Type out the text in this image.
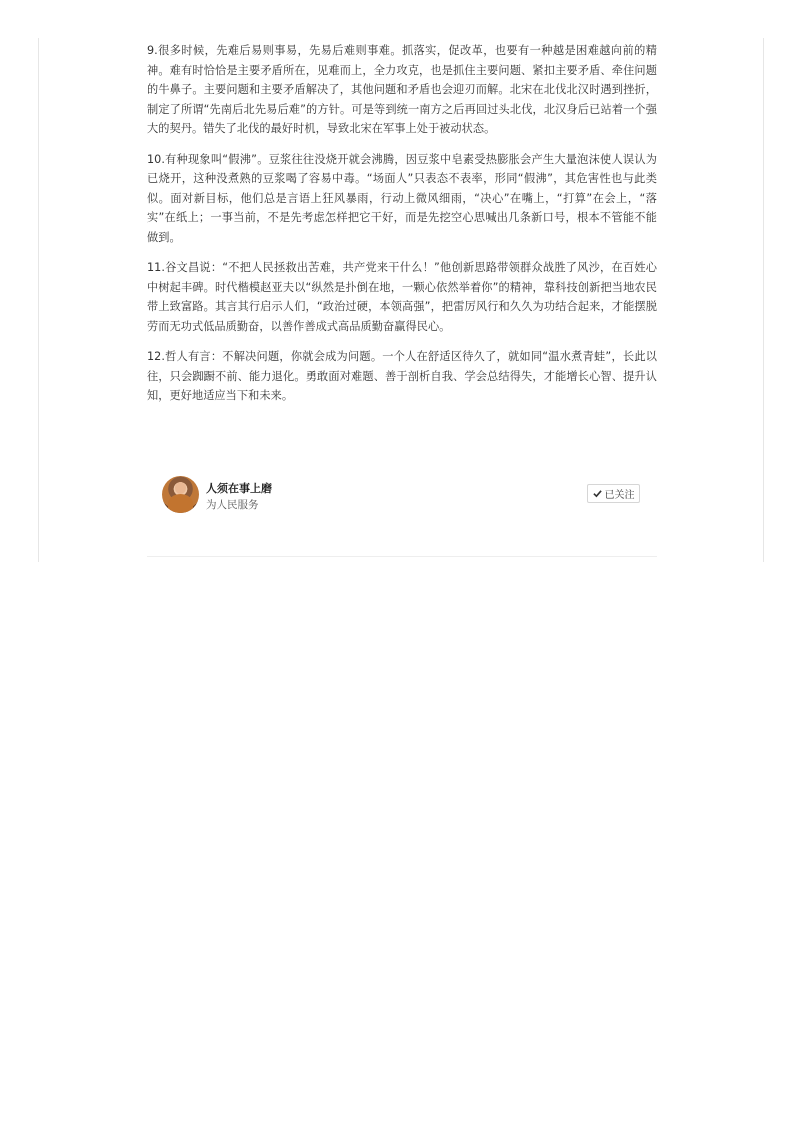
9.很多时候，先难后易则事易，先易后难则事难。抓落实，促改革，也要有一种越是困难越向前的精神。难有时恰恰是主要矛盾所在，见难而上，全力攻克，也是抓住主要问题、紧扣主要矛盾、牵住问题的牛鼻子。主要问题和主要矛盾解决了，其他问题和矛盾也会迎刃而解。北宋在北伐北汉时遇到挫折，制定了所谓“先南后北先易后难”的方针。可是等到统一南方之后再回过头北伐，北汉身后已站着一个强大的契丹。错失了北伐的最好时机，导致北宋在军事上处于被动状态。

10.有种现象叫“假沸”。豆浆往往没烧开就会沸腾，因豆浆中皂素受热膨胀会产生大量泡沫使人误认为已烧开，这种没煮熟的豆浆喝了容易中毒。“场面人”只表态不表率，形同“假沸”，其危害性也与此类似。面对新目标，他们总是言语上狂风暴雨，行动上微风细雨，“决心”在嘴上，“打算”在会上，“落实”在纸上；一事当前，不是先考虑怎样把它干好，而是先挖空心思喊出几条新口号，根本不管能不能做到。

11.谷文昌说：“不把人民拯救出苦难，共产党来干什么！”他创新思路带领群众战胜了风沙，在百姓心中树起丰碑。时代楷模赵亚夫以“纵然是扑倒在地，一颗心依然举着你”的精神，靠科技创新把当地农民带上致富路。其言其行启示人们，“政治过硬，本领高强”，把雷厉风行和久久为功结合起来，才能摆脱劳而无功式低品质勤奋，以善作善成式高品质勤奋赢得民心。

12.哲人有言：不解决问题，你就会成为问题。一个人在舒适区待久了，就如同“温水煮青蛙”，长此以往，只会踟蹰不前、能力退化。勇敢面对难题、善于剖析自我、学会总结得失，才能增长心智、提升认知，更好地适应当下和未来。

人须在事上磨
为人民服务
已关注
